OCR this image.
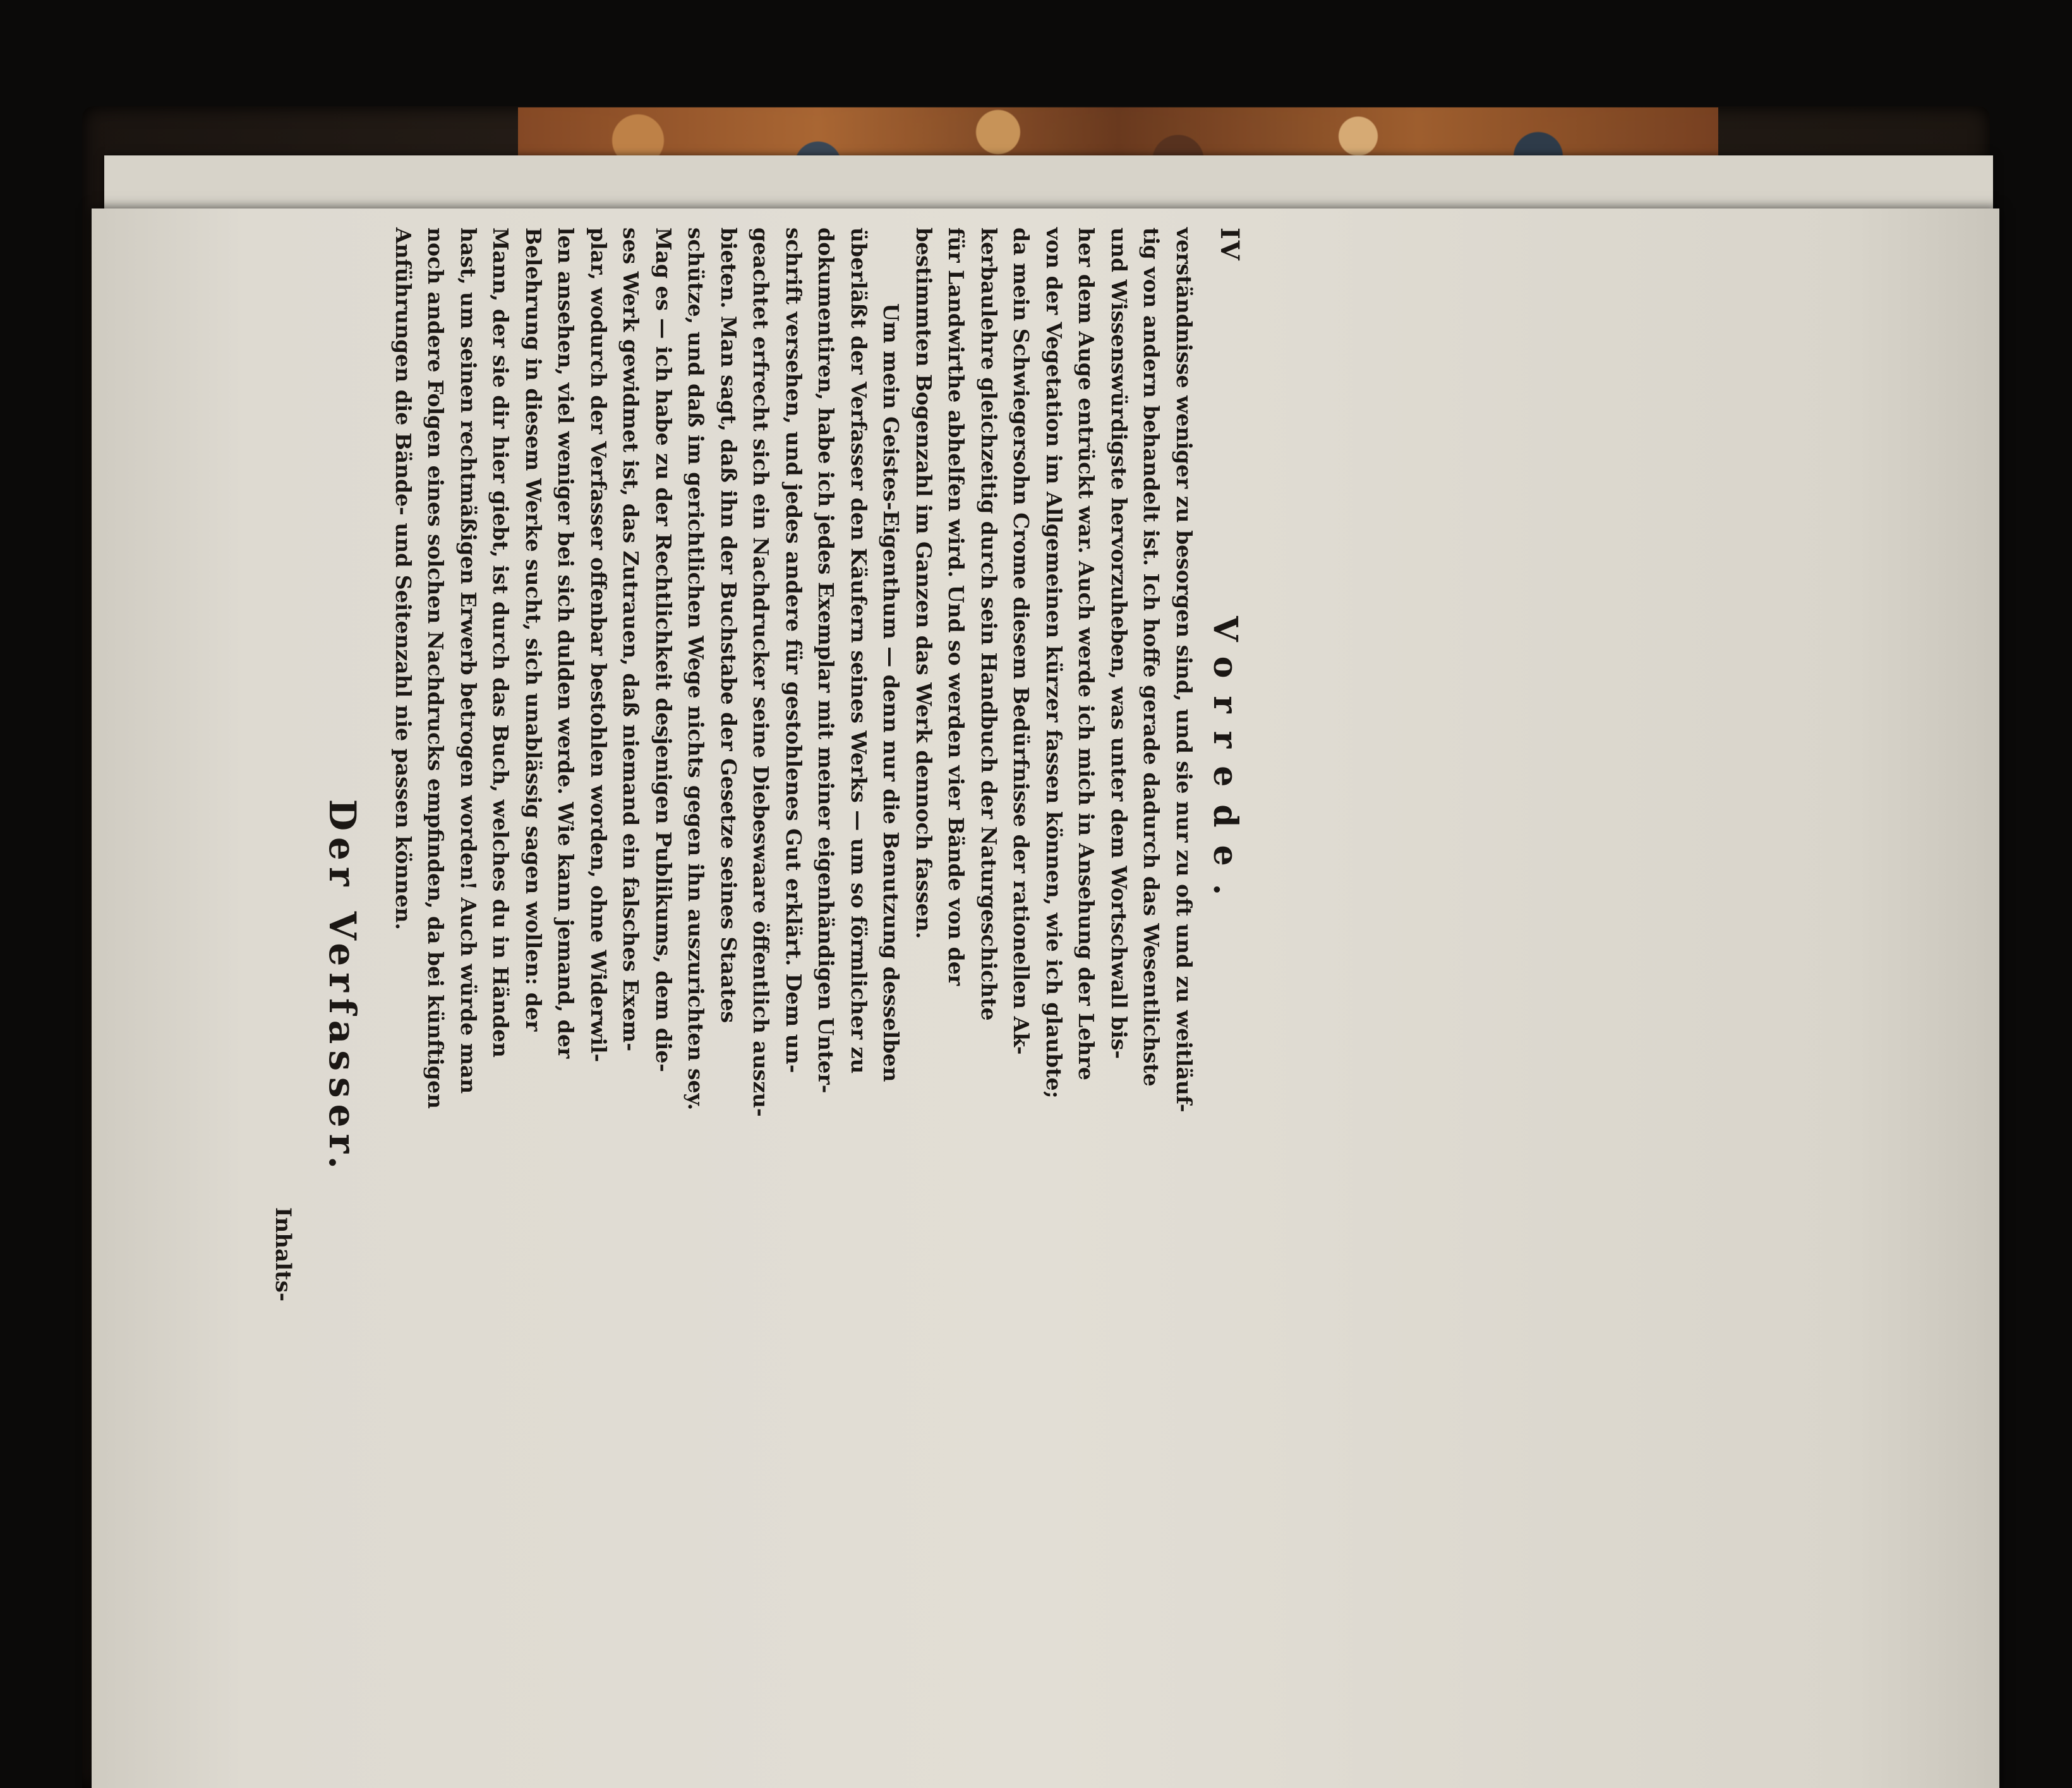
IV
Vorrede.

verständnisse weniger zu besorgen sind, und sie nur zu oft und zu weitläuf-
tig von andern behandelt ist. Ich hoffe gerade dadurch das Wesentlichste
und Wissenswürdigste hervorzuheben, was unter dem Wortschwall bis-
her dem Auge entrückt war. Auch werde ich mich in Ansehung der Lehre
von der Vegetation im Allgemeinen kürzer fassen können, wie ich glaubte;
da mein Schwiegersohn Crome diesem Bedürfnisse der rationellen Ak-
kerbaulehre gleichzeitig durch sein Handbuch der Naturgeschichte
für Landwirthe abhelfen wird. Und so werden vier Bände von der
bestimmten Bogenzahl im Ganzen das Werk dennoch fassen.

Um mein Geistes-Eigenthum — denn nur die Benutzung desselben
überläßt der Verfasser den Käufern seines Werks — um so förmlicher zu
dokumentiren, habe ich jedes Exemplar mit meiner eigenhändigen Unter-
schrift versehen, und jedes andere für gestohlenes Gut erklärt. Dem un-
geachtet erfrecht sich ein Nachdrucker seine Diebeswaare öffentlich auszu-
bieten. Man sagt, daß ihn der Buchstabe der Gesetze seines Staates
schütze, und daß im gerichtlichen Wege nichts gegen ihn auszurichten sey.
Mag es — ich habe zu der Rechtlichkeit desjenigen Publikums, dem die-
ses Werk gewidmet ist, das Zutrauen, daß niemand ein falsches Exem-
plar, wodurch der Verfasser offenbar bestohlen worden, ohne Widerwil-
len ansehen, viel weniger bei sich dulden werde. Wie kann jemand, der
Belehrung in diesem Werke sucht, sich unablässig sagen wollen: der
Mann, der sie dir hier giebt, ist durch das Buch, welches du in Händen
hast, um seinen rechtmäßigen Erwerb betrogen worden! Auch würde man
noch andere Folgen eines solchen Nachdrucks empfinden, da bei künftigen
Anführungen die Bände- und Seitenzahl nie passen können.

Der Verfasser.
Inhalts-
